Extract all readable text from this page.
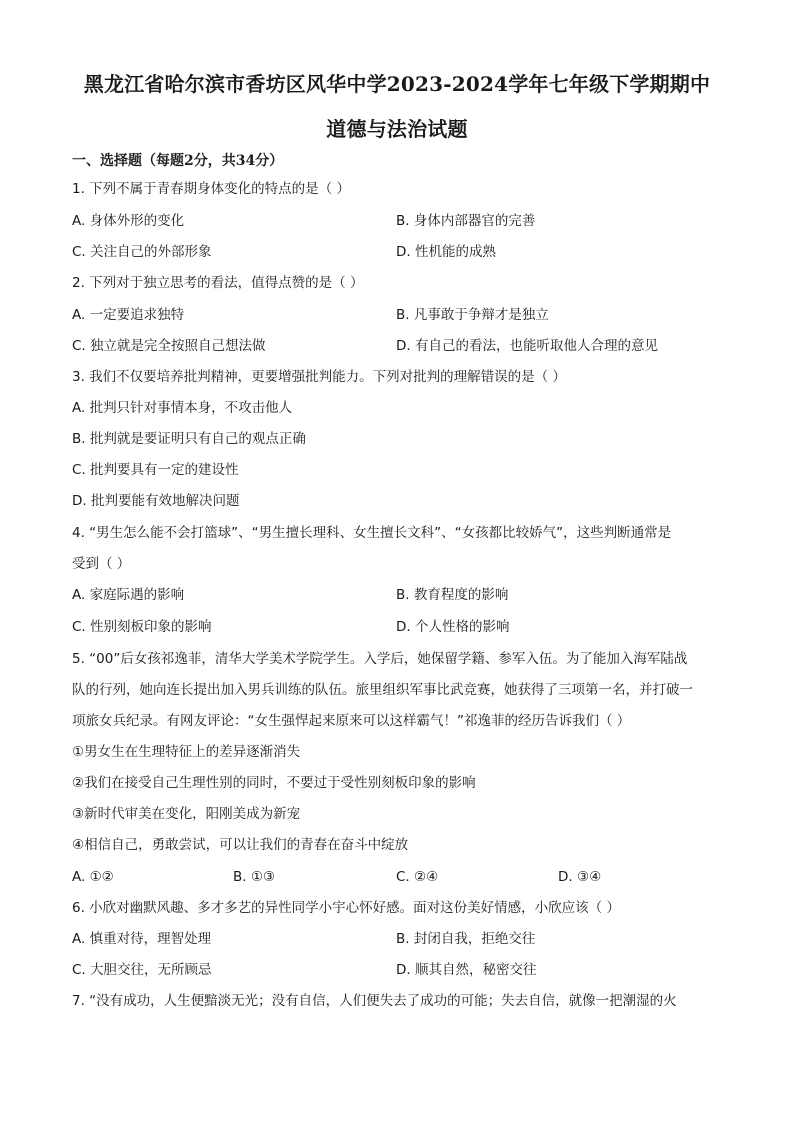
黑龙江省哈尔滨市香坊区风华中学2023-2024学年七年级下学期期中
道德与法治试题
一、选择题（每题2分，共34分）
1. 下列不属于青春期身体变化的特点的是（ ）
A. 身体外形的变化	B. 身体内部器官的完善
C. 关注自己的外部形象	D. 性机能的成熟
2. 下列对于独立思考的看法，值得点赞的是（ ）
A. 一定要追求独特	B. 凡事敢于争辩才是独立
C. 独立就是完全按照自己想法做	D. 有自己的看法，也能听取他人合理的意见
3. 我们不仅要培养批判精神，更要增强批判能力。下列对批判的理解错误的是（ ）
A. 批判只针对事情本身，不攻击他人
B. 批判就是要证明只有自己的观点正确
C. 批判要具有一定的建设性
D. 批判要能有效地解决问题
4. “男生怎么能不会打篮球”、“男生擅长理科、女生擅长文科”、“女孩都比较娇气”，这些判断通常是
受到（ ）
A. 家庭际遇的影响	B. 教育程度的影响
C. 性别刻板印象的影响	D. 个人性格的影响
5. “00”后女孩祁逸菲，清华大学美术学院学生。入学后，她保留学籍、参军入伍。为了能加入海军陆战
队的行列，她向连长提出加入男兵训练的队伍。旅里组织军事比武竞赛，她获得了三项第一名，并打破一
项旅女兵纪录。有网友评论：“女生强悍起来原来可以这样霸气！”祁逸菲的经历告诉我们（ ）
①男女生在生理特征上的差异逐渐消失
②我们在接受自己生理性别的同时，不要过于受性别刻板印象的影响
③新时代审美在变化，阳刚美成为新宠
④相信自己，勇敢尝试，可以让我们的青春在奋斗中绽放
A. ①②	B. ①③	C. ②④	D. ③④
6. 小欣对幽默风趣、多才多艺的异性同学小宇心怀好感。面对这份美好情感，小欣应该（ ）
A. 慎重对待，理智处理	B. 封闭自我，拒绝交往
C. 大胆交往，无所顾忌	D. 顺其自然，秘密交往
7. “没有成功，人生便黯淡无光；没有自信，人们便失去了成功的可能；失去自信，就像一把潮湿的火
